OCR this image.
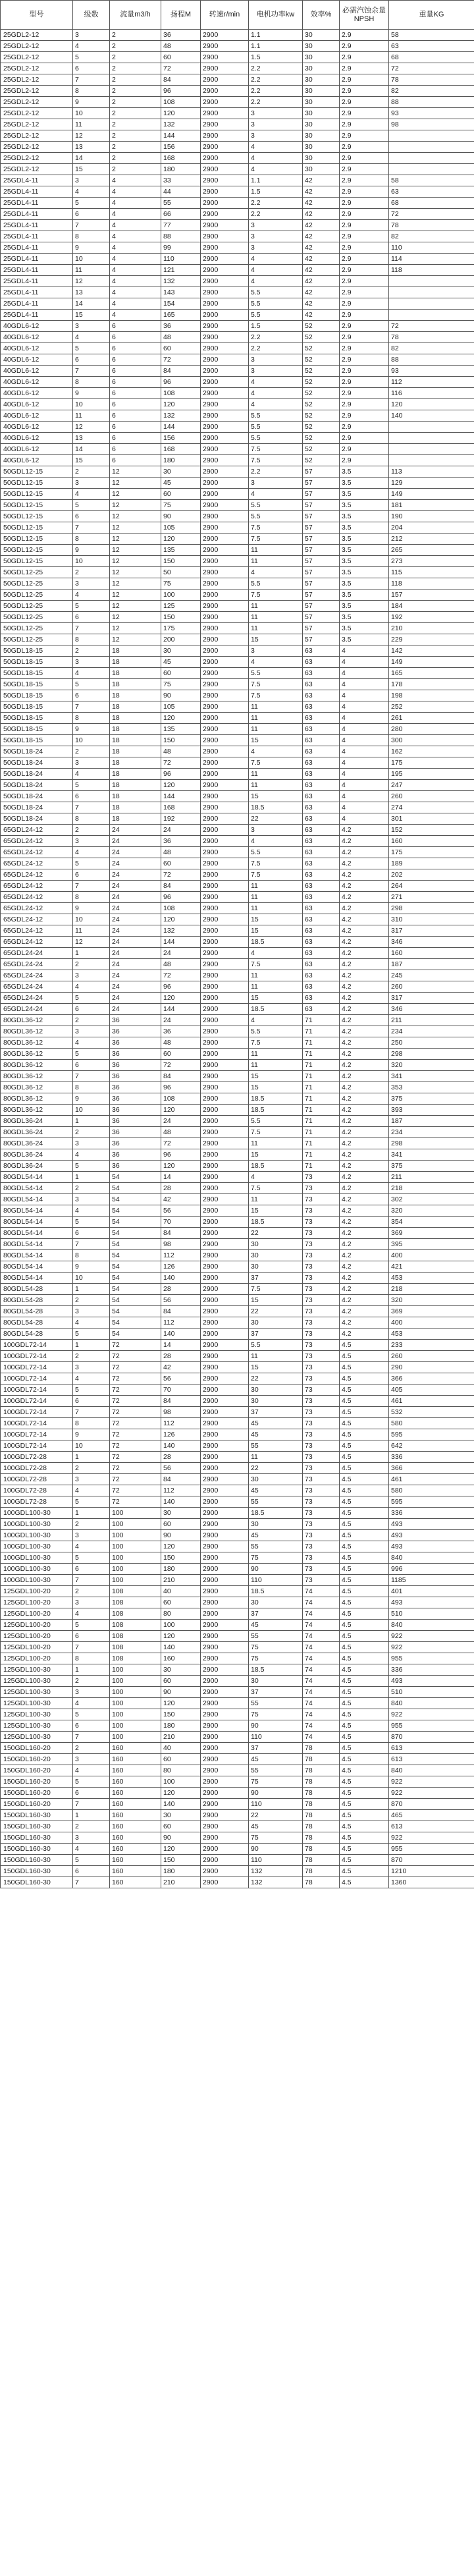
型号	级数	流量m3/h	扬程M	转速r/min	电机功率kw	效率%	必需汽蚀余量NPSH	重量KG
25GDL2-12	3	2	36	2900	1.1	30	2.9	58
25GDL2-12	4	2	48	2900	1.1	30	2.9	63
25GDL2-12	5	2	60	2900	1.5	30	2.9	68
25GDL2-12	6	2	72	2900	2.2	30	2.9	72
25GDL2-12	7	2	84	2900	2.2	30	2.9	78
25GDL2-12	8	2	96	2900	2.2	30	2.9	82
25GDL2-12	9	2	108	2900	2.2	30	2.9	88
25GDL2-12	10	2	120	2900	3	30	2.9	93
25GDL2-12	11	2	132	2900	3	30	2.9	98
25GDL2-12	12	2	144	2900	3	30	2.9	
25GDL2-12	13	2	156	2900	4	30	2.9	
25GDL2-12	14	2	168	2900	4	30	2.9	
25GDL2-12	15	2	180	2900	4	30	2.9	
25GDL4-11	3	4	33	2900	1.1	42	2.9	58
25GDL4-11	4	4	44	2900	1.5	42	2.9	63
25GDL4-11	5	4	55	2900	2.2	42	2.9	68
25GDL4-11	6	4	66	2900	2.2	42	2.9	72
25GDL4-11	7	4	77	2900	3	42	2.9	78
25GDL4-11	8	4	88	2900	3	42	2.9	82
25GDL4-11	9	4	99	2900	3	42	2.9	110
25GDL4-11	10	4	110	2900	4	42	2.9	114
25GDL4-11	11	4	121	2900	4	42	2.9	118
25GDL4-11	12	4	132	2900	4	42	2.9	
25GDL4-11	13	4	143	2900	5.5	42	2.9	
25GDL4-11	14	4	154	2900	5.5	42	2.9	
25GDL4-11	15	4	165	2900	5.5	42	2.9	
40GDL6-12	3	6	36	2900	1.5	52	2.9	72
40GDL6-12	4	6	48	2900	2.2	52	2.9	78
40GDL6-12	5	6	60	2900	2.2	52	2.9	82
40GDL6-12	6	6	72	2900	3	52	2.9	88
40GDL6-12	7	6	84	2900	3	52	2.9	93
40GDL6-12	8	6	96	2900	4	52	2.9	112
40GDL6-12	9	6	108	2900	4	52	2.9	116
40GDL6-12	10	6	120	2900	4	52	2.9	120
40GDL6-12	11	6	132	2900	5.5	52	2.9	140
40GDL6-12	12	6	144	2900	5.5	52	2.9	
40GDL6-12	13	6	156	2900	5.5	52	2.9	
40GDL6-12	14	6	168	2900	7.5	52	2.9	
40GDL6-12	15	6	180	2900	7.5	52	2.9	
50GDL12-15	2	12	30	2900	2.2	57	3.5	113
50GDL12-15	3	12	45	2900	3	57	3.5	129
50GDL12-15	4	12	60	2900	4	57	3.5	149
50GDL12-15	5	12	75	2900	5.5	57	3.5	181
50GDL12-15	6	12	90	2900	5.5	57	3.5	190
50GDL12-15	7	12	105	2900	7.5	57	3.5	204
50GDL12-15	8	12	120	2900	7.5	57	3.5	212
50GDL12-15	9	12	135	2900	11	57	3.5	265
50GDL12-15	10	12	150	2900	11	57	3.5	273
50GDL12-25	2	12	50	2900	4	57	3.5	115
50GDL12-25	3	12	75	2900	5.5	57	3.5	118
50GDL12-25	4	12	100	2900	7.5	57	3.5	157
50GDL12-25	5	12	125	2900	11	57	3.5	184
50GDL12-25	6	12	150	2900	11	57	3.5	192
50GDL12-25	7	12	175	2900	11	57	3.5	210
50GDL12-25	8	12	200	2900	15	57	3.5	229
50GDL18-15	2	18	30	2900	3	63	4	142
50GDL18-15	3	18	45	2900	4	63	4	149
50GDL18-15	4	18	60	2900	5.5	63	4	165
50GDL18-15	5	18	75	2900	7.5	63	4	178
50GDL18-15	6	18	90	2900	7.5	63	4	198
50GDL18-15	7	18	105	2900	11	63	4	252
50GDL18-15	8	18	120	2900	11	63	4	261
50GDL18-15	9	18	135	2900	11	63	4	280
50GDL18-15	10	18	150	2900	15	63	4	300
50GDL18-24	2	18	48	2900	4	63	4	162
50GDL18-24	3	18	72	2900	7.5	63	4	175
50GDL18-24	4	18	96	2900	11	63	4	195
50GDL18-24	5	18	120	2900	11	63	4	247
50GDL18-24	6	18	144	2900	15	63	4	260
50GDL18-24	7	18	168	2900	18.5	63	4	274
50GDL18-24	8	18	192	2900	22	63	4	301
65GDL24-12	2	24	24	2900	3	63	4.2	152
65GDL24-12	3	24	36	2900	4	63	4.2	160
65GDL24-12	4	24	48	2900	5.5	63	4.2	175
65GDL24-12	5	24	60	2900	7.5	63	4.2	189
65GDL24-12	6	24	72	2900	7.5	63	4.2	202
65GDL24-12	7	24	84	2900	11	63	4.2	264
65GDL24-12	8	24	96	2900	11	63	4.2	271
65GDL24-12	9	24	108	2900	11	63	4.2	298
65GDL24-12	10	24	120	2900	15	63	4.2	310
65GDL24-12	11	24	132	2900	15	63	4.2	317
65GDL24-12	12	24	144	2900	18.5	63	4.2	346
65GDL24-24	1	24	24	2900	4	63	4.2	160
65GDL24-24	2	24	48	2900	7.5	63	4.2	187
65GDL24-24	3	24	72	2900	11	63	4.2	245
65GDL24-24	4	24	96	2900	11	63	4.2	260
65GDL24-24	5	24	120	2900	15	63	4.2	317
65GDL24-24	6	24	144	2900	18.5	63	4.2	346
80GDL36-12	2	36	24	2900	4	71	4.2	211
80GDL36-12	3	36	36	2900	5.5	71	4.2	234
80GDL36-12	4	36	48	2900	7.5	71	4.2	250
80GDL36-12	5	36	60	2900	11	71	4.2	298
80GDL36-12	6	36	72	2900	11	71	4.2	320
80GDL36-12	7	36	84	2900	15	71	4.2	341
80GDL36-12	8	36	96	2900	15	71	4.2	353
80GDL36-12	9	36	108	2900	18.5	71	4.2	375
80GDL36-12	10	36	120	2900	18.5	71	4.2	393
80GDL36-24	1	36	24	2900	5.5	71	4.2	187
80GDL36-24	2	36	48	2900	7.5	71	4.2	234
80GDL36-24	3	36	72	2900	11	71	4.2	298
80GDL36-24	4	36	96	2900	15	71	4.2	341
80GDL36-24	5	36	120	2900	18.5	71	4.2	375
80GDL54-14	1	54	14	2900	4	73	4.2	211
80GDL54-14	2	54	28	2900	7.5	73	4.2	218
80GDL54-14	3	54	42	2900	11	73	4.2	302
80GDL54-14	4	54	56	2900	15	73	4.2	320
80GDL54-14	5	54	70	2900	18.5	73	4.2	354
80GDL54-14	6	54	84	2900	22	73	4.2	369
80GDL54-14	7	54	98	2900	30	73	4.2	395
80GDL54-14	8	54	112	2900	30	73	4.2	400
80GDL54-14	9	54	126	2900	30	73	4.2	421
80GDL54-14	10	54	140	2900	37	73	4.2	453
80GDL54-28	1	54	28	2900	7.5	73	4.2	218
80GDL54-28	2	54	56	2900	15	73	4.2	320
80GDL54-28	3	54	84	2900	22	73	4.2	369
80GDL54-28	4	54	112	2900	30	73	4.2	400
80GDL54-28	5	54	140	2900	37	73	4.2	453
100GDL72-14	1	72	14	2900	5.5	73	4.5	233
100GDL72-14	2	72	28	2900	11	73	4.5	260
100GDL72-14	3	72	42	2900	15	73	4.5	290
100GDL72-14	4	72	56	2900	22	73	4.5	366
100GDL72-14	5	72	70	2900	30	73	4.5	405
100GDL72-14	6	72	84	2900	30	73	4.5	461
100GDL72-14	7	72	98	2900	37	73	4.5	532
100GDL72-14	8	72	112	2900	45	73	4.5	580
100GDL72-14	9	72	126	2900	45	73	4.5	595
100GDL72-14	10	72	140	2900	55	73	4.5	642
100GDL72-28	1	72	28	2900	11	73	4.5	336
100GDL72-28	2	72	56	2900	22	73	4.5	366
100GDL72-28	3	72	84	2900	30	73	4.5	461
100GDL72-28	4	72	112	2900	45	73	4.5	580
100GDL72-28	5	72	140	2900	55	73	4.5	595
100GDL100-30	1	100	30	2900	18.5	73	4.5	336
100GDL100-30	2	100	60	2900	30	73	4.5	493
100GDL100-30	3	100	90	2900	45	73	4.5	493
100GDL100-30	4	100	120	2900	55	73	4.5	493
100GDL100-30	5	100	150	2900	75	73	4.5	840
100GDL100-30	6	100	180	2900	90	73	4.5	996
100GDL100-30	7	100	210	2900	110	73	4.5	1185
125GDL100-20	2	108	40	2900	18.5	74	4.5	401
125GDL100-20	3	108	60	2900	30	74	4.5	493
125GDL100-20	4	108	80	2900	37	74	4.5	510
125GDL100-20	5	108	100	2900	45	74	4.5	840
125GDL100-20	6	108	120	2900	55	74	4.5	922
125GDL100-20	7	108	140	2900	75	74	4.5	922
125GDL100-20	8	108	160	2900	75	74	4.5	955
125GDL100-30	1	100	30	2900	18.5	74	4.5	336
125GDL100-30	2	100	60	2900	30	74	4.5	493
125GDL100-30	3	100	90	2900	37	74	4.5	510
125GDL100-30	4	100	120	2900	55	74	4.5	840
125GDL100-30	5	100	150	2900	75	74	4.5	922
125GDL100-30	6	100	180	2900	90	74	4.5	955
125GDL100-30	7	100	210	2900	110	74	4.5	870
150GDL160-20	2	160	40	2900	37	78	4.5	613
150GDL160-20	3	160	60	2900	45	78	4.5	613
150GDL160-20	4	160	80	2900	55	78	4.5	840
150GDL160-20	5	160	100	2900	75	78	4.5	922
150GDL160-20	6	160	120	2900	90	78	4.5	922
150GDL160-20	7	160	140	2900	110	78	4.5	870
150GDL160-30	1	160	30	2900	22	78	4.5	465
150GDL160-30	2	160	60	2900	45	78	4.5	613
150GDL160-30	3	160	90	2900	75	78	4.5	922
150GDL160-30	4	160	120	2900	90	78	4.5	955
150GDL160-30	5	160	150	2900	110	78	4.5	870
150GDL160-30	6	160	180	2900	132	78	4.5	1210
150GDL160-30	7	160	210	2900	132	78	4.5	1360
